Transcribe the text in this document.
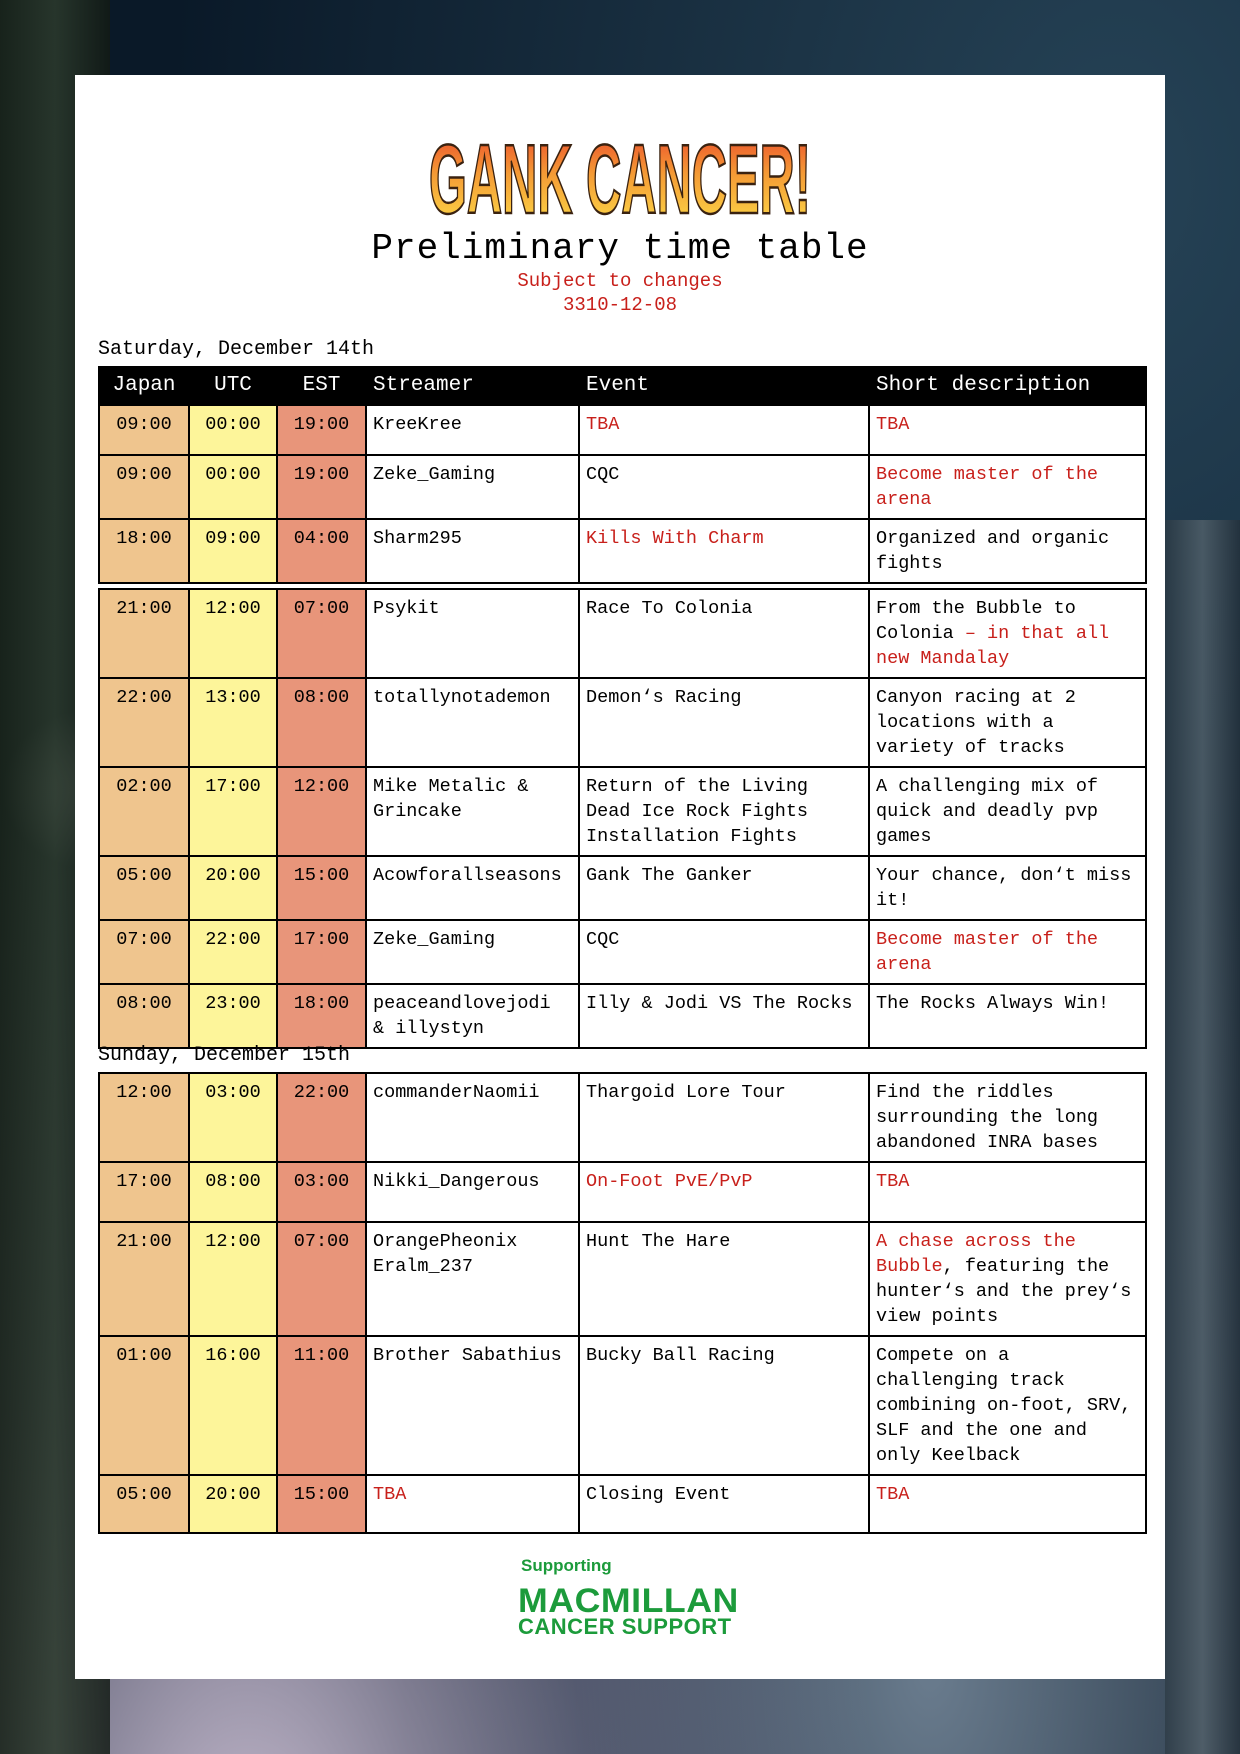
GANK CANCER!
Preliminary time table
Subject to changes
3310-12-08
Saturday, December 14th
Japan	UTC	EST	Streamer	Event	Short description
09:00	00:00	19:00	KreeKree	TBA	TBA
09:00	00:00	19:00	Zeke_Gaming	CQC	Become master of the arena
18:00	09:00	04:00	Sharm295	Kills With Charm	Organized and organic fights
21:00	12:00	07:00	Psykit	Race To Colonia	From the Bubble to Colonia – in that all new Mandalay
22:00	13:00	08:00	totallynotademon	Demon‘s Racing	Canyon racing at 2 locations with a variety of tracks
02:00	17:00	12:00	Mike Metalic & Grincake	Return of the Living Dead Ice Rock Fights Installation Fights	A challenging mix of quick and deadly pvp games
05:00	20:00	15:00	Acowforallseasons	Gank The Ganker	Your chance, don‘t miss it!
07:00	22:00	17:00	Zeke_Gaming	CQC	Become master of the arena
08:00	23:00	18:00	peaceandlovejodi & illystyn	Illy & Jodi VS The Rocks	The Rocks Always Win!
Sunday, December 15th
12:00	03:00	22:00	commanderNaomii	Thargoid Lore Tour	Find the riddles surrounding the long abandoned INRA bases
17:00	08:00	03:00	Nikki_Dangerous	On-Foot PvE/PvP	TBA
21:00	12:00	07:00	OrangePheonix Eralm_237	Hunt The Hare	A chase across the Bubble, featuring the hunter‘s and the prey‘s view points
01:00	16:00	11:00	Brother Sabathius	Bucky Ball Racing	Compete on a challenging track combining on-foot, SRV, SLF and the one and only Keelback
05:00	20:00	15:00	TBA	Closing Event	TBA
Supporting
MACMILLAN
CANCER SUPPORT
